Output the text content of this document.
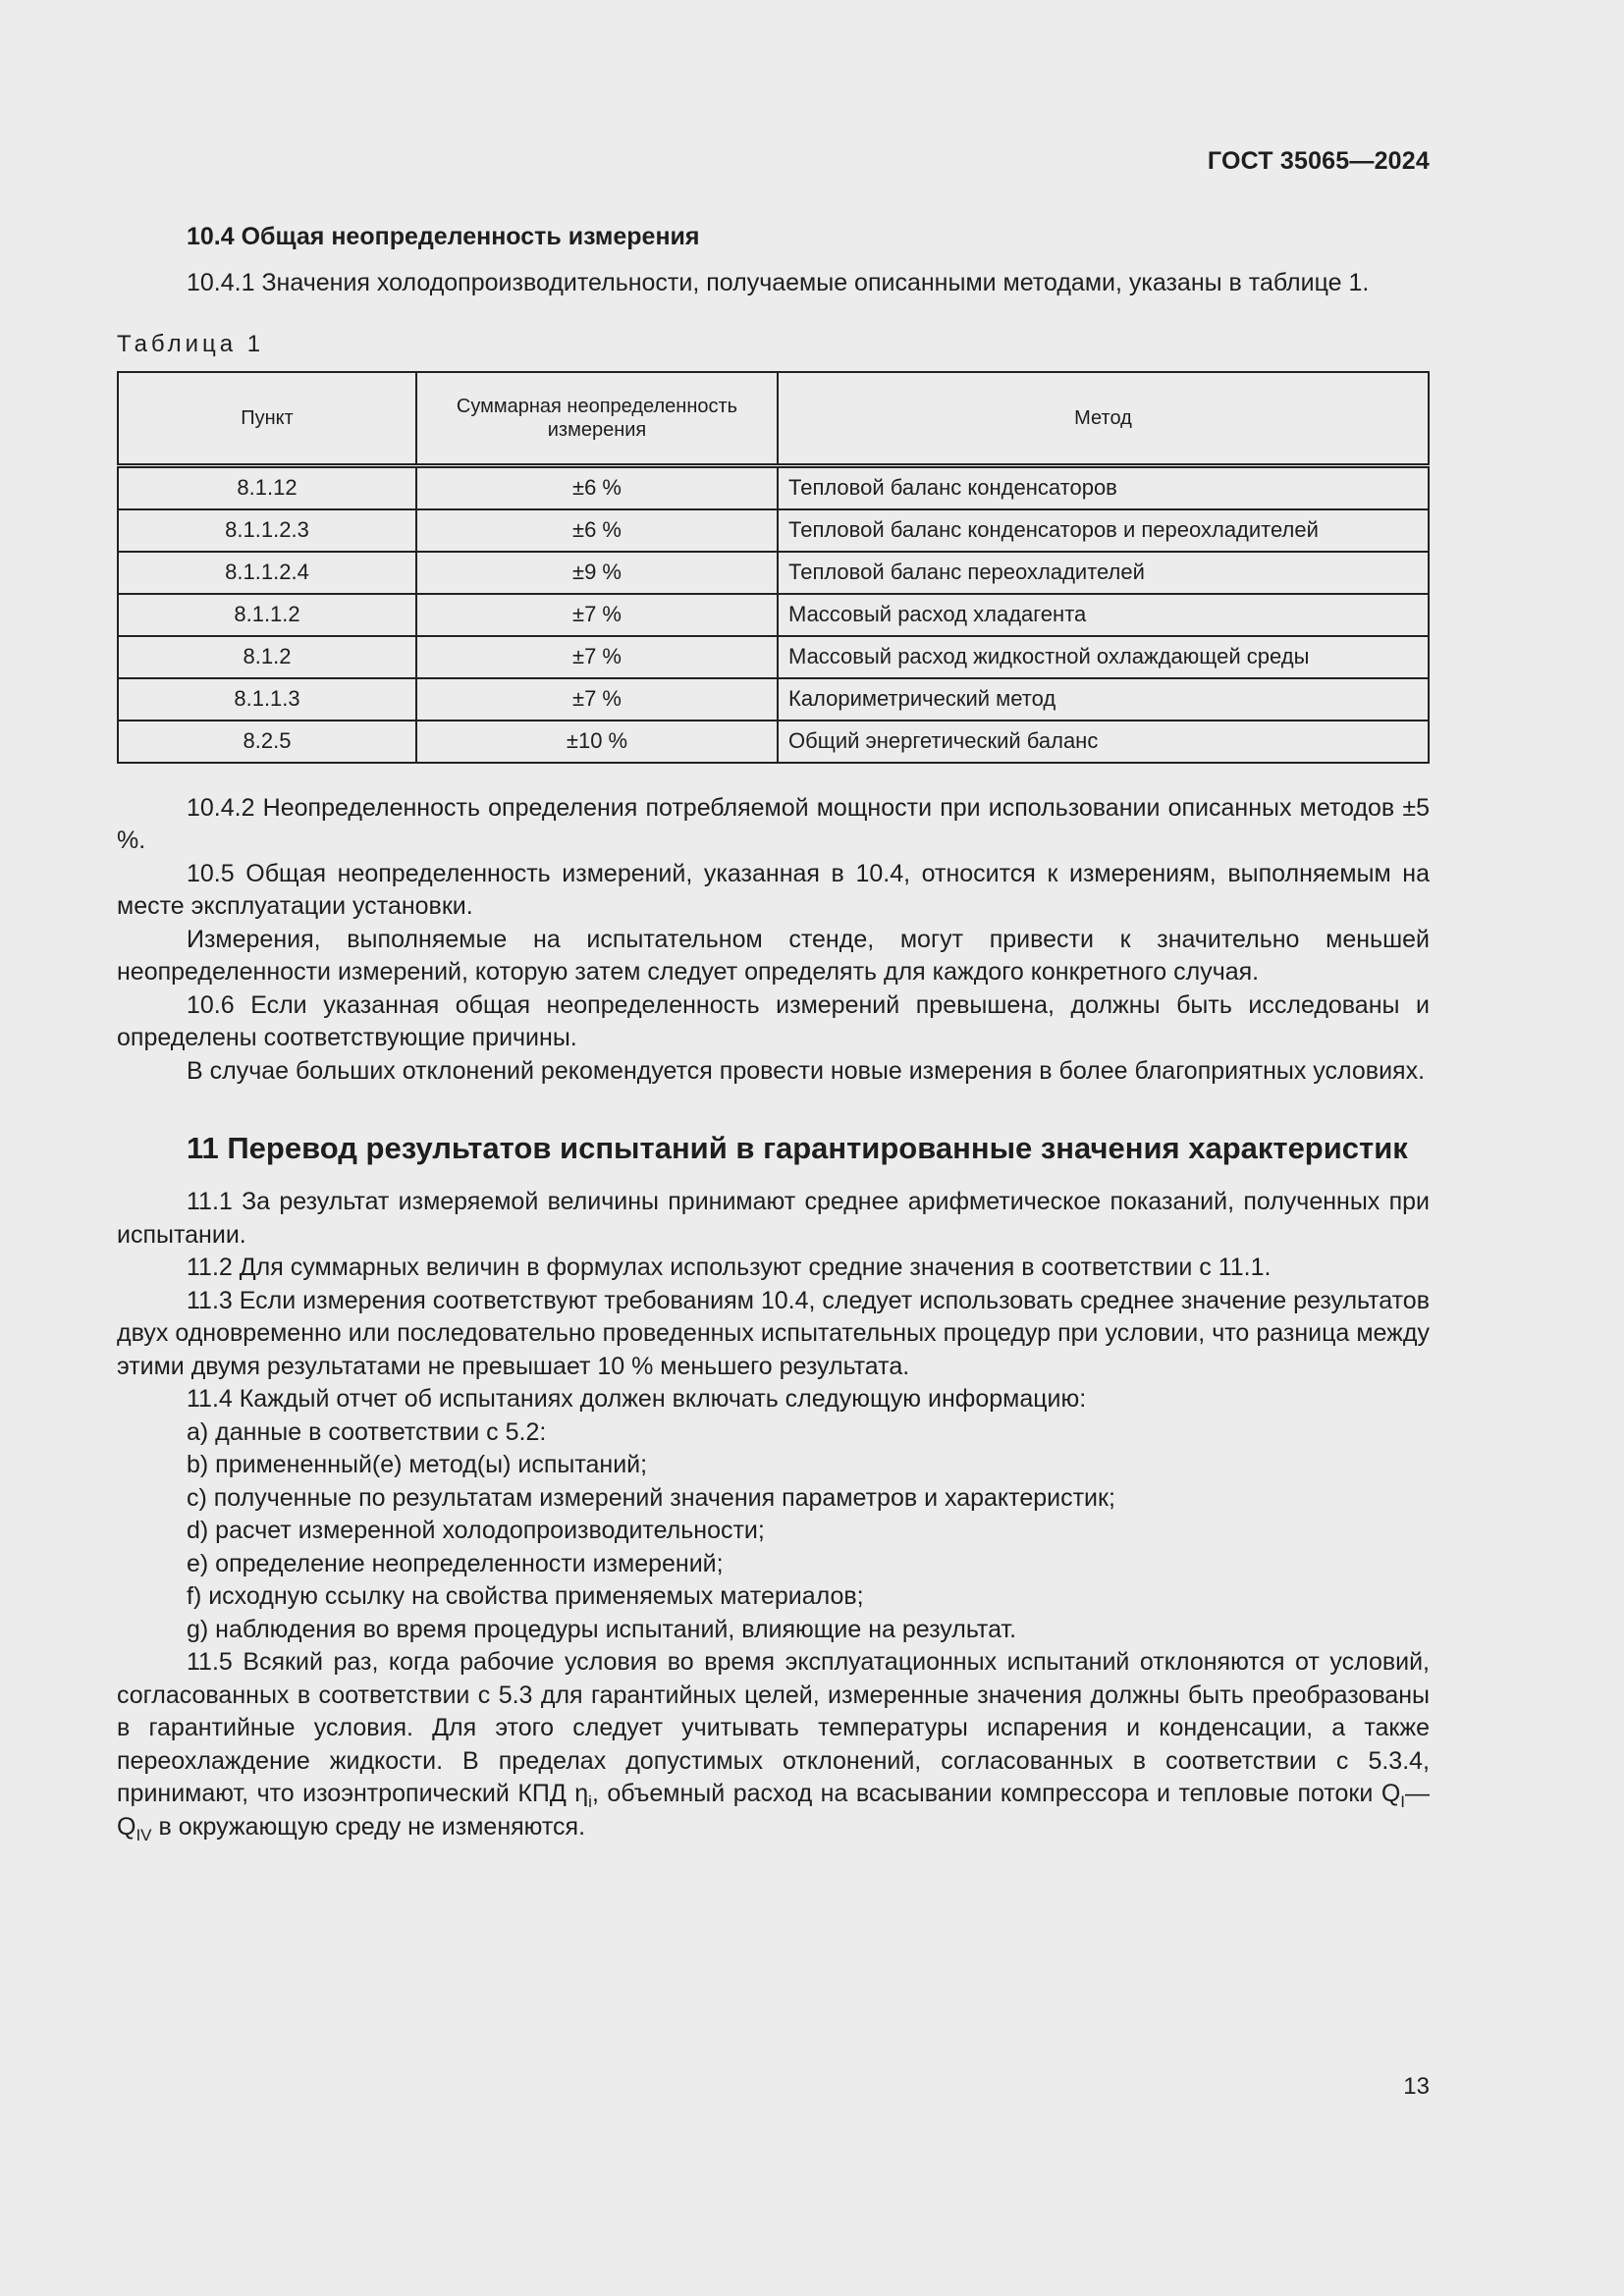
ГОСТ 35065—2024
10.4 Общая неопределенность измерения

10.4.1 Значения холодопроизводительности, получаемые описанными методами, указаны в таблице 1.

Таблица 1
Пункт	Суммарная неопределенность измерения	Метод
8.1.12	±6 %	Тепловой баланс конденсаторов
8.1.1.2.3	±6 %	Тепловой баланс конденсаторов и переохладителей
8.1.1.2.4	±9 %	Тепловой баланс переохладителей
8.1.1.2	±7 %	Массовый расход хладагента
8.1.2	±7 %	Массовый расход жидкостной охлаждающей среды
8.1.1.3	±7 %	Калориметрический метод
8.2.5	±10 %	Общий энергетический баланс

10.4.2 Неопределенность определения потребляемой мощности при использовании описанных методов ±5 %.

10.5 Общая неопределенность измерений, указанная в 10.4, относится к измерениям, выполняемым на месте эксплуатации установки.

Измерения, выполняемые на испытательном стенде, могут привести к значительно меньшей неопределенности измерений, которую затем следует определять для каждого конкретного случая.

10.6 Если указанная общая неопределенность измерений превышена, должны быть исследованы и определены соответствующие причины.

В случае больших отклонений рекомендуется провести новые измерения в более благоприятных условиях.

11 Перевод результатов испытаний в гарантированные значения характеристик

11.1 За результат измеряемой величины принимают среднее арифметическое показаний, полученных при испытании.

11.2 Для суммарных величин в формулах используют средние значения в соответствии с 11.1.

11.3 Если измерения соответствуют требованиям 10.4, следует использовать среднее значение результатов двух одновременно или последовательно проведенных испытательных процедур при условии, что разница между этими двумя результатами не превышает 10 % меньшего результата.

11.4 Каждый отчет об испытаниях должен включать следующую информацию:

a) данные в соответствии с 5.2:
b) примененный(е) метод(ы) испытаний;
c) полученные по результатам измерений значения параметров и характеристик;
d) расчет измеренной холодопроизводительности;
e) определение неопределенности измерений;
f) исходную ссылку на свойства применяемых материалов;
g) наблюдения во время процедуры испытаний, влияющие на результат.

11.5 Всякий раз, когда рабочие условия во время эксплуатационных испытаний отклоняются от условий, согласованных в соответствии с 5.3 для гарантийных целей, измеренные значения должны быть преобразованы в гарантийные условия. Для этого следует учитывать температуры испарения и конденсации, а также переохлаждение жидкости. В пределах допустимых отклонений, согласованных в соответствии с 5.3.4, принимают, что изоэнтропический КПД $\eta_i$, объемный расход на всасывании компрессора и тепловые потоки $Q_I—Q_{IV}$ в окружающую среду не изменяются.

13
